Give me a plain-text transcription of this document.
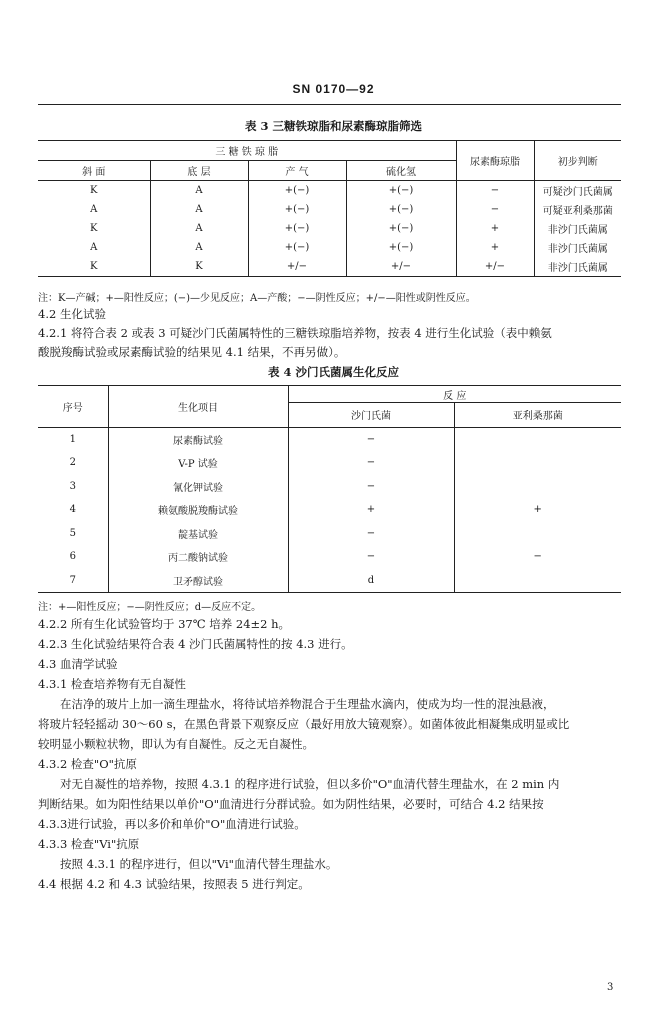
SN 0170—92
表 3 三糖铁琼脂和尿素酶琼脂筛选
三 糖 铁 琼 脂				尿素酶琼脂	初步判断
斜 面	底 层	产 气	硫化氢		
K	A	+(−)	+(−)	−	可疑沙门氏菌属
A	A	+(−)	+(−)	−	可疑亚利桑那菌
K	A	+(−)	+(−)	+	非沙门氏菌属
A	A	+(−)	+(−)	+	非沙门氏菌属
K	K	+/−	+/−	+/−	非沙门氏菌属
注：K—产碱；+—阳性反应；(−)—少见反应；A—产酸；−—阴性反应；+/−—阳性或阴性反应。
4.2 生化试验
4.2.1 将符合表 2 或表 3 可疑沙门氏菌属特性的三糖铁琼脂培养物，按表 4 进行生化试验（表中赖氨
酸脱羧酶试验或尿素酶试验的结果见 4.1 结果，不再另做）。
表 4 沙门氏菌属生化反应
序号	生化项目	反 应	
		沙门氏菌	亚利桑那菌
1	尿素酶试验	−	
2	V-P 试验	−	
3	氰化钾试验	−	
4	赖氨酸脱羧酶试验	+	+
5	靛基试验	−	
6	丙二酸钠试验	−	−
7	卫矛醇试验	d	
注：+—阳性反应；−—阴性反应；d—反应不定。
4.2.2 所有生化试验管均于 37℃ 培养 24±2 h。
4.2.3 生化试验结果符合表 4 沙门氏菌属特性的按 4.3 进行。
4.3 血清学试验
4.3.1 检查培养物有无自凝性
在洁净的玻片上加一滴生理盐水，将待试培养物混合于生理盐水滴内，使成为均一性的混浊悬液，
将玻片轻轻摇动 30～60 s，在黑色背景下观察反应（最好用放大镜观察）。如菌体彼此相凝集成明显或比
较明显小颗粒状物，即认为有自凝性。反之无自凝性。
4.3.2 检查"O"抗原
对无自凝性的培养物，按照 4.3.1 的程序进行试验，但以多价"O"血清代替生理盐水，在 2 min 内
判断结果。如为阳性结果以单价"O"血清进行分群试验。如为阴性结果，必要时，可结合 4.2 结果按
4.3.3进行试验，再以多价和单价"O"血清进行试验。
4.3.3 检查"Vi"抗原
按照 4.3.1 的程序进行，但以"Vi"血清代替生理盐水。
4.4 根据 4.2 和 4.3 试验结果，按照表 5 进行判定。
3
